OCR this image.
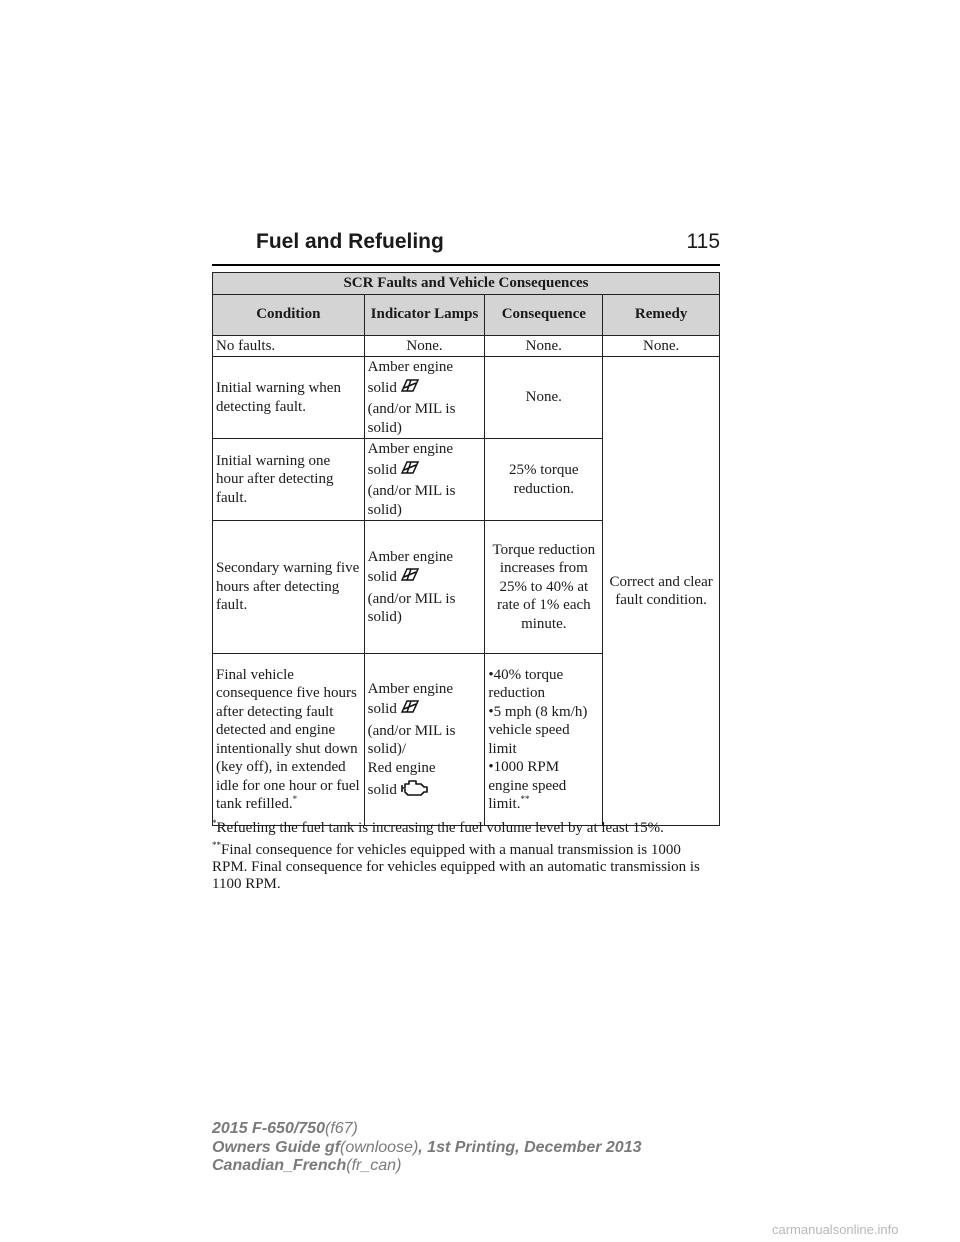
Fuel and Refueling	115
SCR Faults and Vehicle Consequences			
Condition	Indicator Lamps	Consequence	Remedy
No faults.	None.	None.	None.
Initial warning when detecting fault.	Amber engine
solid
(and/or MIL is solid)	None.	Correct and clear fault condition.
Initial warning one hour after detecting fault.	Amber engine
solid
(and/or MIL is solid)	25% torque reduction.	
Secondary warning five hours after detecting fault.	Amber engine
solid
(and/or MIL is solid)	Torque reduction increases from 25% to 40% at rate of 1% each minute.	
Final vehicle consequence five hours after detecting fault detected and engine intentionally shut down (key off), in extended idle for one hour or fuel tank refilled.*	Amber engine
solid
(and/or MIL is solid)/
Red engine
solid	•40% torque reduction
•5 mph (8 km/h) vehicle speed limit
•1000 RPM engine speed limit.**

*Refueling the fuel tank is increasing the fuel volume level by at least 15%.

**Final consequence for vehicles equipped with a manual transmission is 1000 RPM. Final consequence for vehicles equipped with an automatic transmission is 1100 RPM.

2015 F-650/750(f67)
Owners Guide gf(ownloose), 1st Printing, December 2013
Canadian_French(fr_can)
carmanualsonline.info
